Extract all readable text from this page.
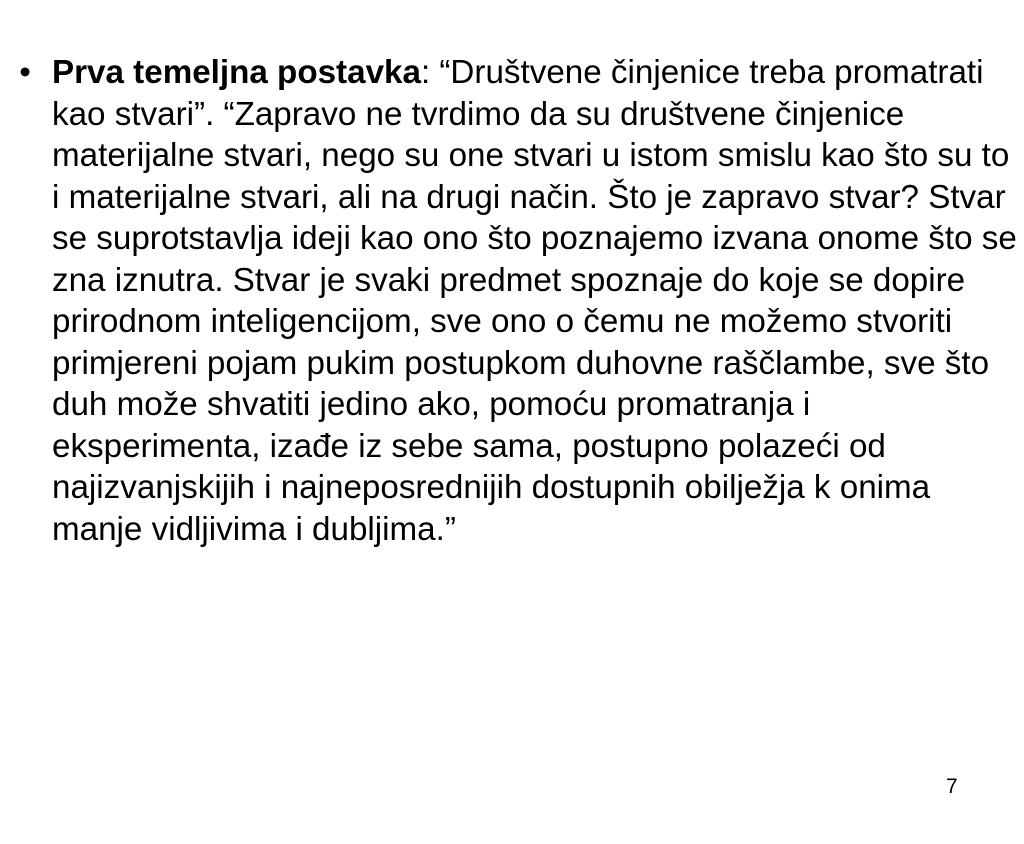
• Prva temeljna postavka: “Društvene činjenice treba promatrati kao stvari”. “Zapravo ne tvrdimo da su društvene činjenice materijalne stvari, nego su one stvari u istom smislu kao što su to i materijalne stvari, ali na drugi način. Što je zapravo stvar? Stvar se suprotstavlja ideji kao ono što poznajemo izvana onome što se zna iznutra. Stvar je svaki predmet spoznaje do koje se dopire prirodnom inteligencijom, sve ono o čemu ne možemo stvoriti primjereni pojam pukim postupkom duhovne raščlambe, sve što duh može shvatiti jedino ako, pomoću promatranja i eksperimenta, izađe iz sebe sama, postupno polazeći od najizvanjskijih i najneposrednijih dostupnih obilježja k onima manje vidljivima i dubljima.”
7
